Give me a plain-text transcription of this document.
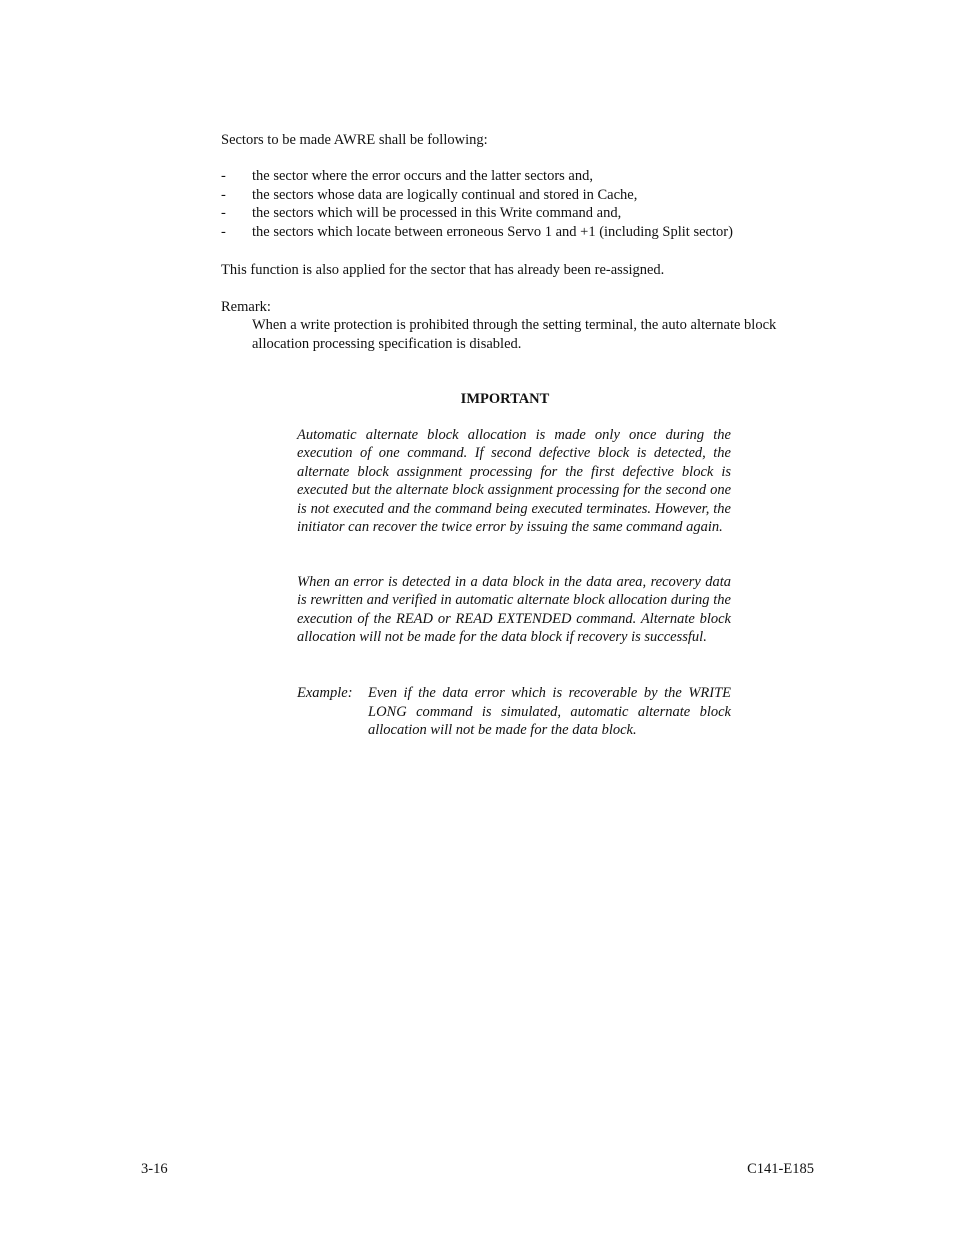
Sectors to be made AWRE shall be following:

-	the sector where the error occurs and the latter sectors and,
-	the sectors whose data are logically continual and stored in Cache,
-	the sectors which will be processed in this Write command and,
-	the sectors which locate between erroneous Servo 1 and +1 (including Split sector)

This function is also applied for the sector that has already been re-assigned.

Remark:

When a write protection is prohibited through the setting terminal, the auto alternate block allocation processing specification is disabled.

IMPORTANT

Automatic alternate block allocation is made only once during the execution of one command. If second defective block is detected, the alternate block assignment processing for the first defective block is executed but the alternate block assignment processing for the second one is not executed and the command being executed terminates. However, the initiator can recover the twice error by issuing the same command again.

When an error is detected in a data block in the data area, recovery data is rewritten and verified in automatic alternate block allocation during the execution of the READ or READ EXTENDED command. Alternate block allocation will not be made for the data block if recovery is successful.

Example:	Even if the data error which is recoverable by the WRITE LONG command is simulated, automatic alternate block allocation will not be made for the data block.

3-16	C141-E185
